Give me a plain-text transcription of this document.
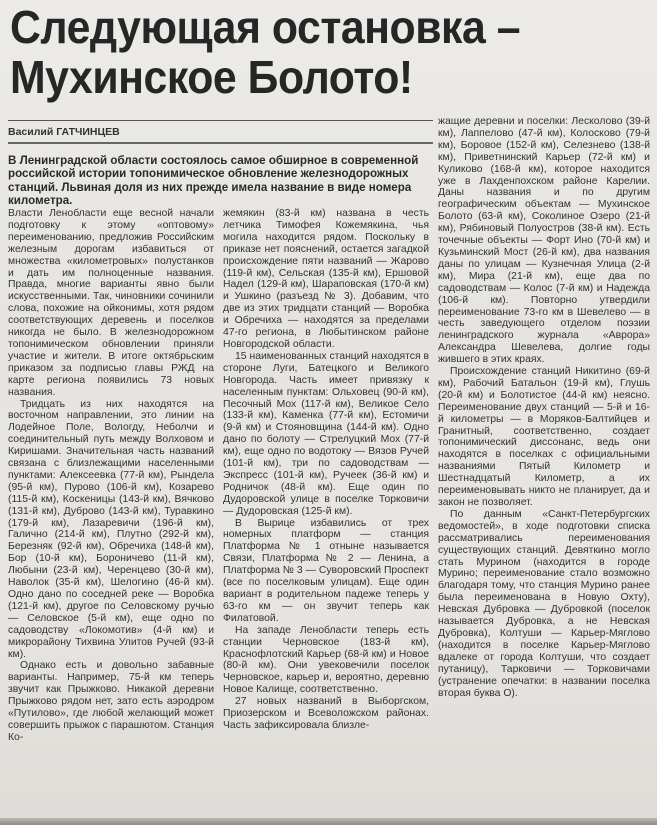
Следующая остановка –
Мухинское Болото!
Василий ГАТЧИНЦЕВ
В Ленинградской области состоялось самое обширное в современной российской истории топонимическое обновление железнодорожных станций. Львиная доля из них прежде имела название в виде номера километра.

Власти Ленобласти еще весной начали подготовку к этому «оптовому» переименованию, предложив Российским железным дорогам избавиться от множества «километровых» полустанков и дать им полноценные названия. Правда, многие варианты явно были искусственными. Так, чиновники сочинили слова, похожие на ойконимы, хотя рядом соответствующих деревень и поселков никогда не было. В железнодорожном топонимическом обновлении приняли участие и жители. В итоге октябрьским приказом за подписью главы РЖД на карте региона появились 73 новых названия.

Тридцать из них находятся на восточном направлении, это линии на Лодейное Поле, Вологду, Неболчи и соединительный путь между Волховом и Киришами. Значительная часть названий связана с близлежащими населенными пунктами: Алексеевка (77-й км), Рындела (95-й км), Пурово (106-й км), Козарево (115-й км), Коскеницы (143-й км), Вячково (131-й км), Дуброво (143-й км), Туравкино (179-й км), Лазаревичи (196-й км), Галично (214-й км), Плутно (292-й км), Березняк (92-й км), Обречиха (148-й км), Бор (10-й км), Бороничево (11-й км), Любыни (23-й км), Черенцево (30-й км), Наволок (35-й км), Шелогино (46-й км). Одно дано по соседней реке — Воробка (121-й км), другое по Селовскому ручью — Селовское (5-й км), еще одно по садоводству «Локомотив» (4-й км) и микрорайону Тихвина Улитов Ручей (93-й км).

Однако есть и довольно забавные варианты. Например, 75-й км теперь звучит как Прыжково. Никакой деревни Прыжково рядом нет, зато есть аэродром «Путилово», где любой желающий может совершить прыжок с парашютом. Станция Ко-

жемякин (83-й км) названа в честь летчика Тимофея Кожемякина, чья могила находится рядом. Поскольку в приказе нет пояснений, остается загадкой происхождение пяти названий — Жарово (119-й км), Сельская (135-й км), Ершовой Надел (129-й км), Шараповская (170-й км) и Ушкино (разъезд № 3). Добавим, что две из этих тридцати станций — Воробка и Обречиха — находятся за пределами 47-го региона, в Любытинском районе Новгородской области.

15 наименованных станций находятся в стороне Луги, Батецкого и Великого Новгорода. Часть имеет привязку к населенным пунктам: Ольховец (90-й км), Песочный Мох (117-й км), Великое Село (133-й км), Каменка (77-й км), Естомичи (9-й км) и Стояновщина (144-й км). Одно дано по болоту — Стрелуцкий Мох (77-й км), еще одно по водотоку — Вязов Ручей (101-й км), три по садоводствам — Экспресс (101-й км), Ручеек (36-й км) и Родничок (48-й км). Еще один по Дудоровской улице в поселке Торковичи — Дудоровская (125-й км).

В Вырице избавились от трех номерных платформ — станция Платформа № 1 отныне называется Связи, Платформа № 2 — Ленина, а Платформа № 3 — Суворовский Проспект (все по поселковым улицам). Еще один вариант в родительном падеже теперь у 63-го км — он звучит теперь как Филатовой.

На западе Ленобласти теперь есть станции Черновское (183-й км), Краснофлотский Карьер (68-й км) и Новое (80-й км). Они увековечили поселок Черновское, карьер и, вероятно, деревню Новое Калище, соответственно.

27 новых названий в Выборгском, Приозерском и Всеволожском районах. Часть зафиксировала близле-

жащие деревни и поселки: Лесколово (39-й км), Лаппелово (47-й км), Колосково (79-й км), Боровое (152-й км), Селезнево (138-й км), Приветнинский Карьер (72-й км) и Куликово (168-й км), которое находится уже в Лахденпохском районе Карелии. Даны названия и по другим географическим объектам — Мухинское Болото (63-й км), Соколиное Озеро (21-й км), Рябиновый Полуостров (38-й км). Есть точечные объекты — Форт Ино (70-й км) и Кузьминский Мост (26-й км), два названия даны по улицам — Кузнечная Улица (2-й км), Мира (21-й км), еще два по садоводствам — Колос (7-й км) и Надежда (106-й км). Повторно утвердили переименование 73-го км в Шевелево — в честь заведующего отделом поэзии ленинградского журнала «Аврора» Александра Шевелева, долгие годы жившего в этих краях.

Происхождение станций Никитино (69-й км), Рабочий Батальон (19-й км), Глушь (20-й км) и Болотистое (44-й км) неясно. Переименование двух станций — 5-й и 16-й километры — в Моряков-Балтийцев и Гранитный, соответственно, создает топонимический диссонанс, ведь они находятся в поселках с официальными названиями Пятый Километр и Шестнадцатый Километр, а их переименовывать никто не планирует, да и закон не позволяет.

По данным «Санкт-Петербургских ведомостей», в ходе подготовки списка рассматривались переименования существующих станций. Девяткино могло стать Мурином (находится в городе Мурино; переименование стало возможно благодаря тому, что станция Мурино ранее была переименована в Новую Охту), Невская Дубровка — Дубровкой (поселок называется Дубровка, а не Невская Дубровка), Колтуши — Карьер-Мяглово (находится в поселке Карьер-Мяглово вдалеке от города Колтуши, что создает путаницу), Тарковичи — Торковичами (устранение опечатки: в названии поселка вторая буква О).
